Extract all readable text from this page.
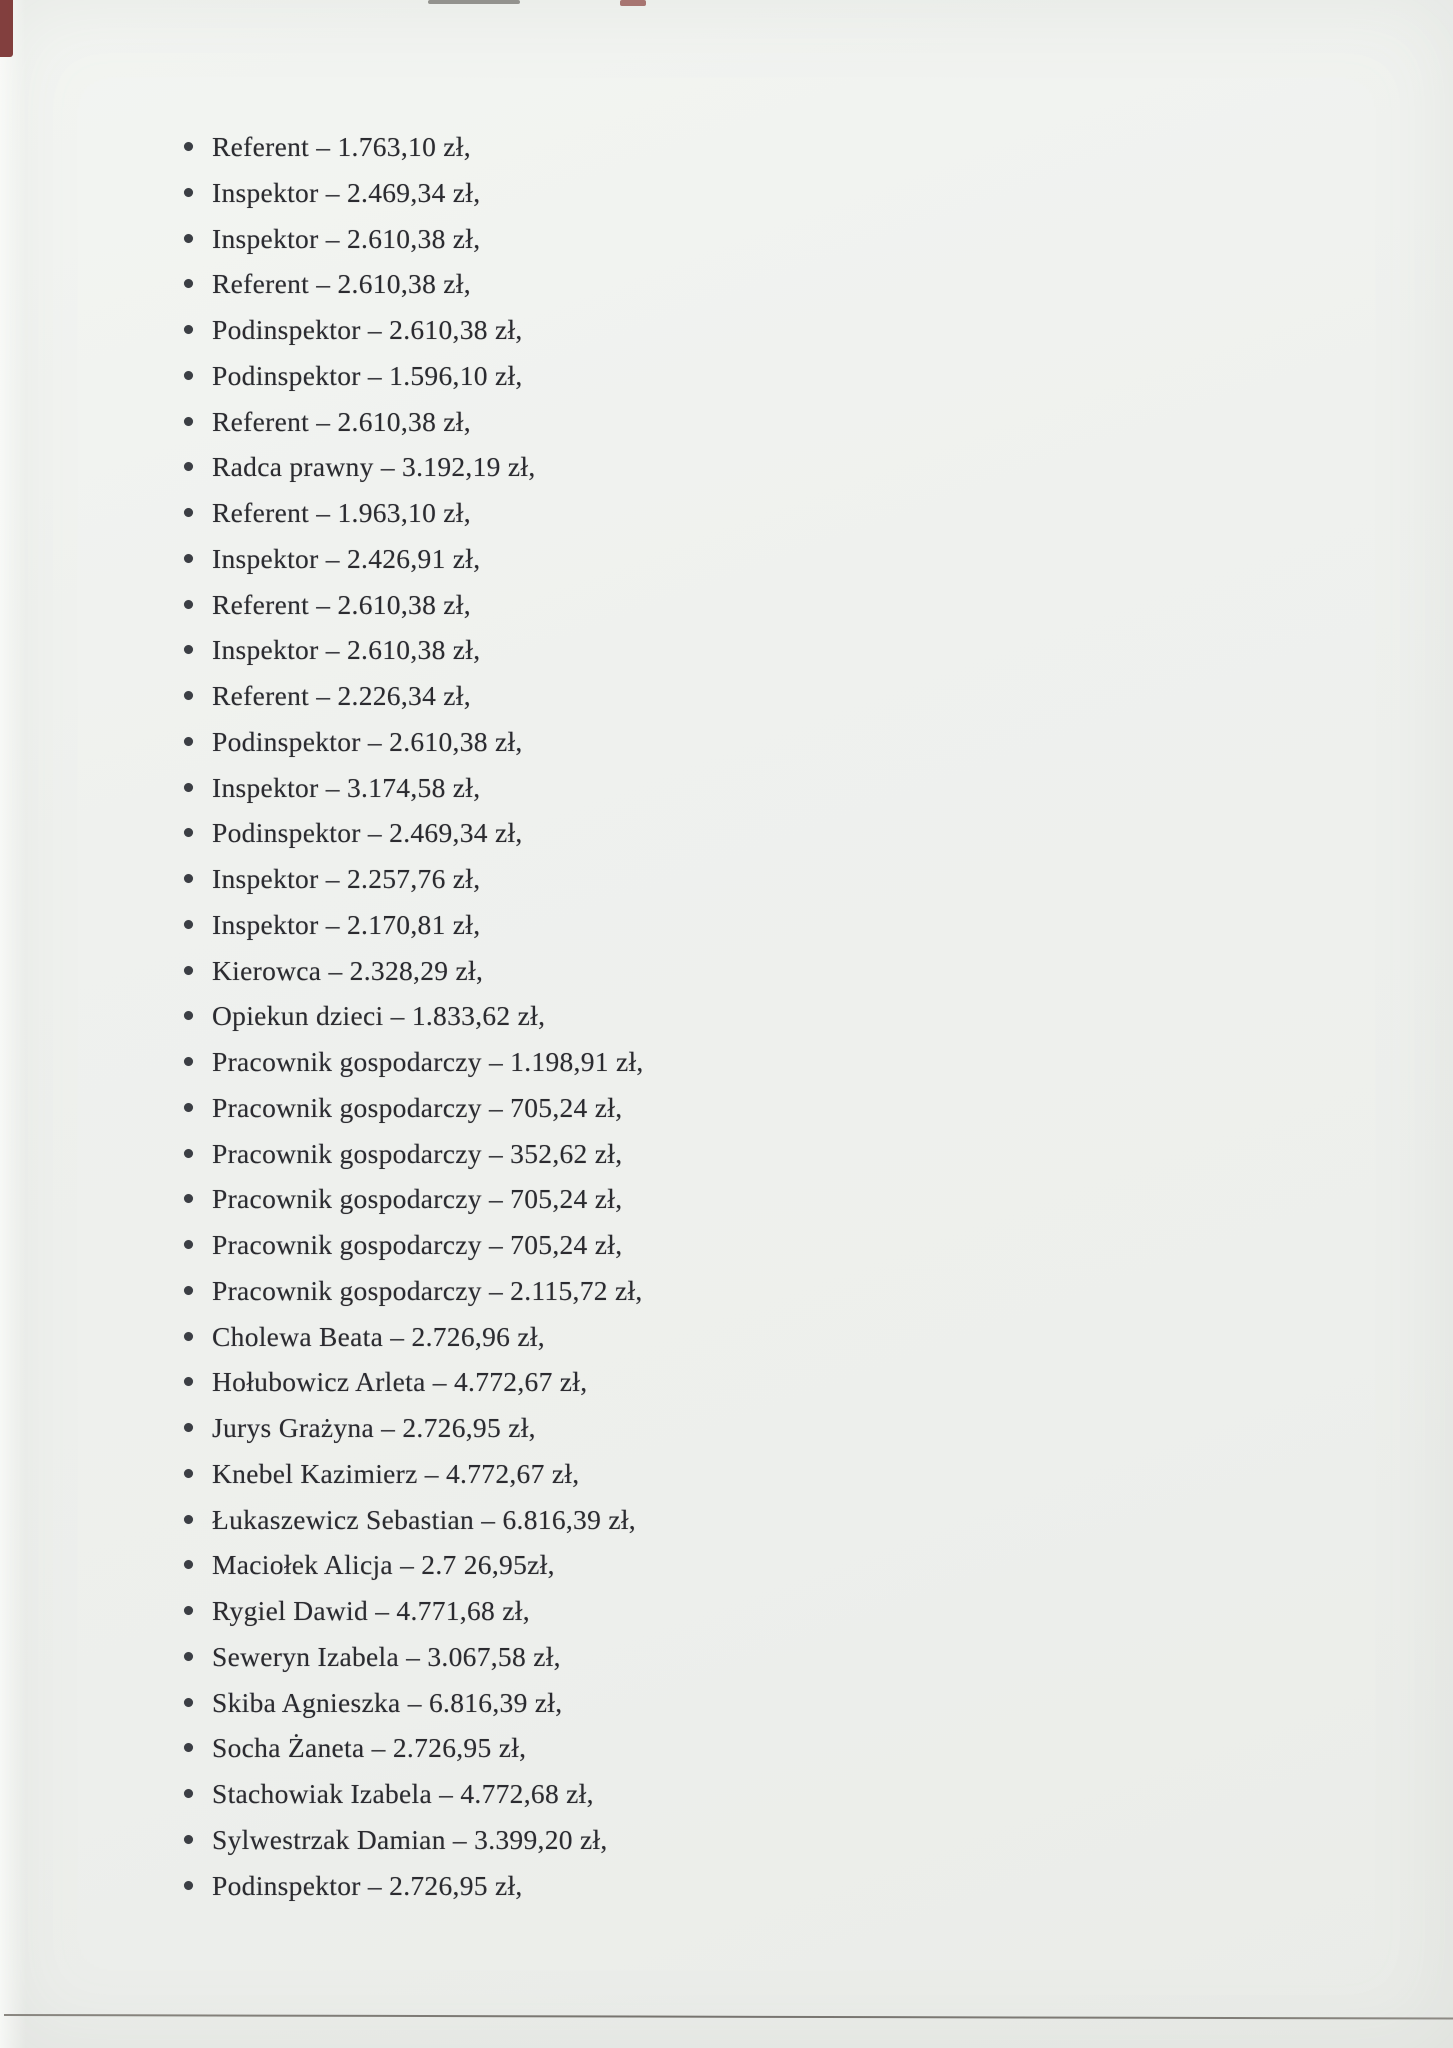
Referent – 1.763,10 zł,
Inspektor – 2.469,34 zł,
Inspektor – 2.610,38 zł,
Referent – 2.610,38 zł,
Podinspektor – 2.610,38 zł,
Podinspektor – 1.596,10 zł,
Referent – 2.610,38 zł,
Radca prawny – 3.192,19 zł,
Referent – 1.963,10 zł,
Inspektor – 2.426,91 zł,
Referent – 2.610,38 zł,
Inspektor – 2.610,38 zł,
Referent – 2.226,34 zł,
Podinspektor – 2.610,38 zł,
Inspektor – 3.174,58 zł,
Podinspektor – 2.469,34 zł,
Inspektor – 2.257,76 zł,
Inspektor – 2.170,81 zł,
Kierowca – 2.328,29 zł,
Opiekun dzieci – 1.833,62 zł,
Pracownik gospodarczy – 1.198,91 zł,
Pracownik gospodarczy – 705,24 zł,
Pracownik gospodarczy – 352,62 zł,
Pracownik gospodarczy – 705,24 zł,
Pracownik gospodarczy – 705,24 zł,
Pracownik gospodarczy – 2.115,72 zł,
Cholewa Beata – 2.726,96 zł,
Hołubowicz Arleta – 4.772,67 zł,
Jurys Grażyna – 2.726,95 zł,
Knebel Kazimierz – 4.772,67 zł,
Łukaszewicz Sebastian – 6.816,39 zł,
Maciołek Alicja – 2.7 26,95zł,
Rygiel Dawid – 4.771,68 zł,
Seweryn Izabela – 3.067,58 zł,
Skiba Agnieszka – 6.816,39 zł,
Socha Żaneta – 2.726,95 zł,
Stachowiak Izabela – 4.772,68 zł,
Sylwestrzak Damian – 3.399,20 zł,
Podinspektor – 2.726,95 zł,
